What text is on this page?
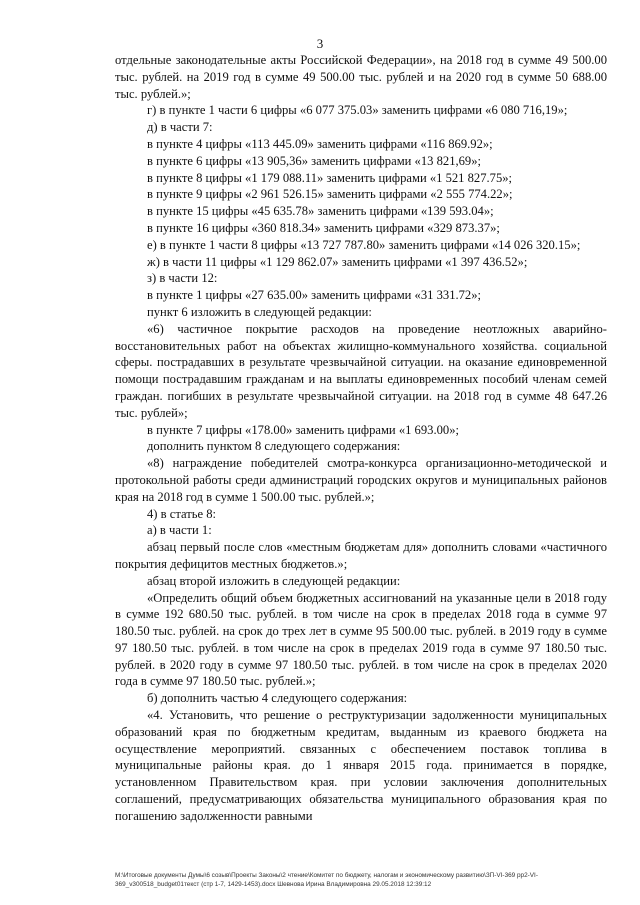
3

отдельные законодательные акты Российской Федерации», на 2018 год в сумме 49 500.00 тыс. рублей. на 2019 год в сумме 49 500.00 тыс. рублей и на 2020 год в сумме 50 688.00 тыс. рублей.»;

г) в пункте 1 части 6 цифры «6 077 375.03» заменить цифрами «6 080 716,19»;

д) в части 7:

в пункте 4 цифры «113 445.09» заменить цифрами «116 869.92»;

в пункте 6 цифры «13 905,36» заменить цифрами «13 821,69»;

в пункте 8 цифры «1 179 088.11» заменить цифрами «1 521 827.75»;

в пункте 9 цифры «2 961 526.15» заменить цифрами «2 555 774.22»;

в пункте 15 цифры «45 635.78» заменить цифрами «139 593.04»;

в пункте 16 цифры «360 818.34» заменить цифрами «329 873.37»;

е) в пункте 1 части 8 цифры «13 727 787.80» заменить цифрами «14 026 320.15»;

ж) в части 11 цифры «1 129 862.07» заменить цифрами «1 397 436.52»;

з) в части 12:

в пункте 1 цифры «27 635.00» заменить цифрами «31 331.72»;

пункт 6 изложить в следующей редакции:

«6) частичное покрытие расходов на проведение неотложных аварийно-восстановительных работ на объектах жилищно-коммунального хозяйства. социальной сферы. пострадавших в результате чрезвычайной ситуации. на оказание единовременной помощи пострадавшим гражданам и на выплаты единовременных пособий членам семей граждан. погибших в результате чрезвычайной ситуации. на 2018 год в сумме 48 647.26 тыс. рублей»;

в пункте 7 цифры «178.00» заменить цифрами «1 693.00»;

дополнить пунктом 8 следующего содержания:

«8) награждение победителей смотра-конкурса организационно-методической и протокольной работы среди администраций городских округов и муниципальных районов края на 2018 год в сумме 1 500.00 тыс. рублей.»;

4) в статье 8:

а) в части 1:

абзац первый после слов «местным бюджетам для» дополнить словами «частичного покрытия дефицитов местных бюджетов.»;

абзац второй изложить в следующей редакции:

«Определить общий объем бюджетных ассигнований на указанные цели в 2018 году в сумме 192 680.50 тыс. рублей. в том числе на срок в пределах 2018 года в сумме 97 180.50 тыс. рублей. на срок до трех лет в сумме 95 500.00 тыс. рублей. в 2019 году в сумме 97 180.50 тыс. рублей. в том числе на срок в пределах 2019 года в сумме 97 180.50 тыс. рублей. в 2020 году в сумме 97 180.50 тыс. рублей. в том числе на срок в пределах 2020 года в сумме 97 180.50 тыс. рублей.»;

б) дополнить частью 4 следующего содержания:

«4. Установить, что решение о реструктуризации задолженности муниципальных образований края по бюджетным кредитам, выданным из краевого бюджета на осуществление мероприятий. связанных с обеспечением поставок топлива в муниципальные районы края. до 1 января 2015 года. принимается в порядке, установленном Правительством края. при условии заключения дополнительных соглашений, предусматривающих обязательства муниципального образования края по погашению задолженности равными

М:\Итоговые документы Думы\6 созыв\Проекты Законы\2 чтение\Комитет по бюджету, налогам и экономическому развитию\ЗП-VI-369 рр2-VI-369_v300518_budget01текст (стр 1-7, 1429-1453).docx Шевнова Ирина Владимировна 29.05.2018 12:39:12
